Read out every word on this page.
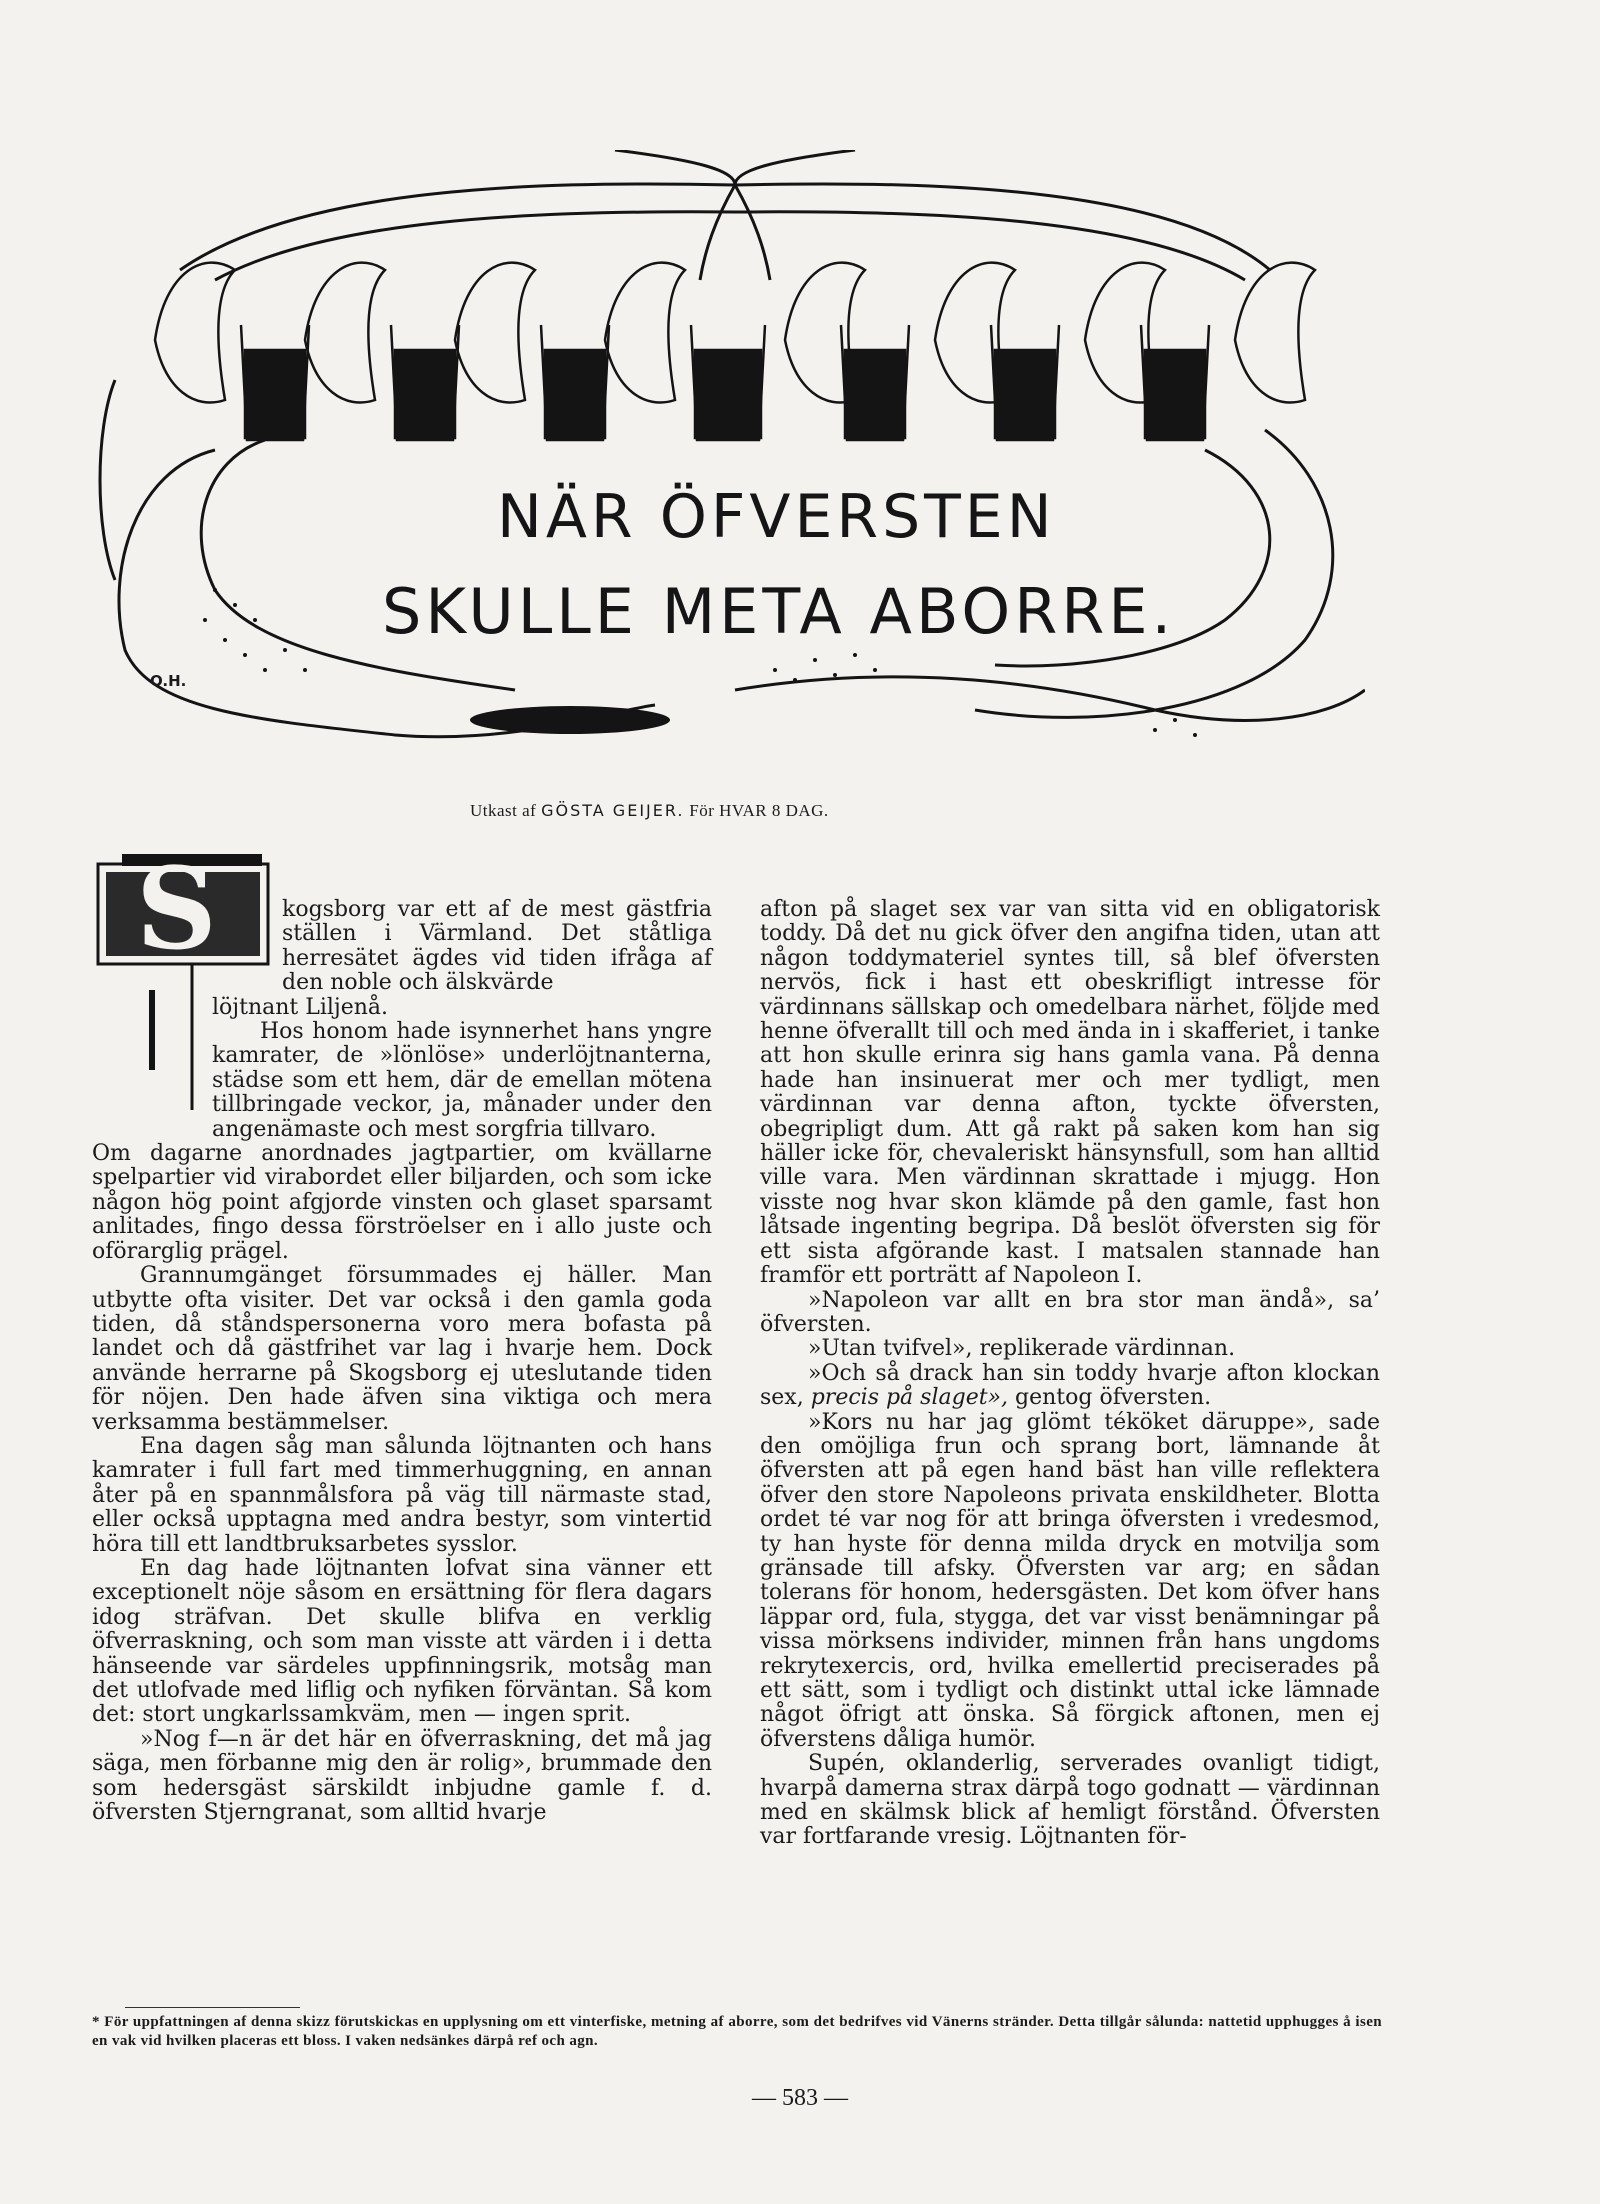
NÄR ÖFVERSTEN
SKULLE META ABORRE.
O.H.
Utkast af GÖSTA GEIJER. För HVAR 8 DAG.
S	kogsborg var ett af de mest gästfria ställen i Värmland. Det ståtliga herresätet ägdes vid tiden ifråga af den noble och älskvärde

löjtnant Liljenå.

Hos honom hade isynnerhet hans yngre kamrater, de »lönlöse» underlöjtnanterna, städse som ett hem, där de emellan mötena tillbringade veckor, ja, månader under den angenämaste och mest sorgfria tillvaro.

Om dagarne anordnades jagtpartier, om kvällarne spelpartier vid virabordet eller biljarden, och som icke någon hög point afgjorde vinsten och glaset sparsamt anlitades, fingo dessa förströelser en i allo juste och oförarglig prägel.

Grannumgänget försummades ej häller. Man utbytte ofta visiter. Det var också i den gamla goda tiden, då ståndspersonerna voro mera bofasta på landet och då gästfrihet var lag i hvarje hem. Dock använde herrarne på Skogsborg ej uteslutande tiden för nöjen. Den hade äfven sina viktiga och mera verksamma bestämmelser.

Ena dagen såg man sålunda löjtnanten och hans kamrater i full fart med timmerhuggning, en annan åter på en spannmålsfora på väg till närmaste stad, eller också upptagna med andra bestyr, som vintertid höra till ett landtbruksarbetes sysslor.

En dag hade löjtnanten lofvat sina vänner ett exceptionelt nöje såsom en ersättning för flera dagars idog sträfvan. Det skulle blifva en verklig öfverraskning, och som man visste att värden i i detta hänseende var särdeles uppfinningsrik, motsåg man det utlofvade med liflig och nyfiken förväntan. Så kom det: stort ungkarlssamkväm, men — ingen sprit.

»Nog f—n är det här en öfverraskning, det må jag säga, men förbanne mig den är rolig», brummade den som hedersgäst särskildt inbjudne gamle f. d. öfversten Stjerngranat, som alltid hvarje

afton på slaget sex var van sitta vid en obligatorisk toddy. Då det nu gick öfver den angifna tiden, utan att någon toddymateriel syntes till, så blef öfversten nervös, fick i hast ett obeskrifligt intresse för värdinnans sällskap och omedelbara närhet, följde med henne öfverallt till och med ända in i skafferiet, i tanke att hon skulle erinra sig hans gamla vana. På denna hade han insinuerat mer och mer tydligt, men värdinnan var denna afton, tyckte öfversten, obegripligt dum. Att gå rakt på saken kom han sig häller icke för, chevaleriskt hänsynsfull, som han alltid ville vara. Men värdinnan skrattade i mjugg. Hon visste nog hvar skon klämde på den gamle, fast hon låtsade ingenting begripa. Då beslöt öfversten sig för ett sista afgörande kast. I matsalen stannade han framför ett porträtt af Napoleon I.

»Napoleon var allt en bra stor man ändå», sa’ öfversten.

»Utan tvifvel», replikerade värdinnan.

»Och så drack han sin toddy hvarje afton klockan sex, precis på slaget», gentog öfversten.

»Kors nu har jag glömt téköket däruppe», sade den omöjliga frun och sprang bort, lämnande åt öfversten att på egen hand bäst han ville reflektera öfver den store Napoleons privata enskildheter. Blotta ordet té var nog för att bringa öfversten i vredesmod, ty han hyste för denna milda dryck en motvilja som gränsade till afsky. Öfversten var arg; en sådan tolerans för honom, hedersgästen. Det kom öfver hans läppar ord, fula, stygga, det var visst benämningar på vissa mörksens individer, minnen från hans ungdoms rekrytexercis, ord, hvilka emellertid preciserades på ett sätt, som i tydligt och distinkt uttal icke lämnade något öfrigt att önska. Så förgick aftonen, men ej öfverstens dåliga humör.

Supén, oklanderlig, serverades ovanligt tidigt, hvarpå damerna strax därpå togo godnatt — värdinnan med en skälmsk blick af hemligt förstånd. Öfversten var fortfarande vresig. Löjtnanten för-

* För uppfattningen af denna skizz förutskickas en upplysning om ett vinterfiske, metning af aborre, som det bedrifves vid Vänerns stränder. Detta tillgår sålunda: nattetid upphugges å isen en vak vid hvilken placeras ett bloss. I vaken nedsänkes därpå ref och agn.
— 583 —
